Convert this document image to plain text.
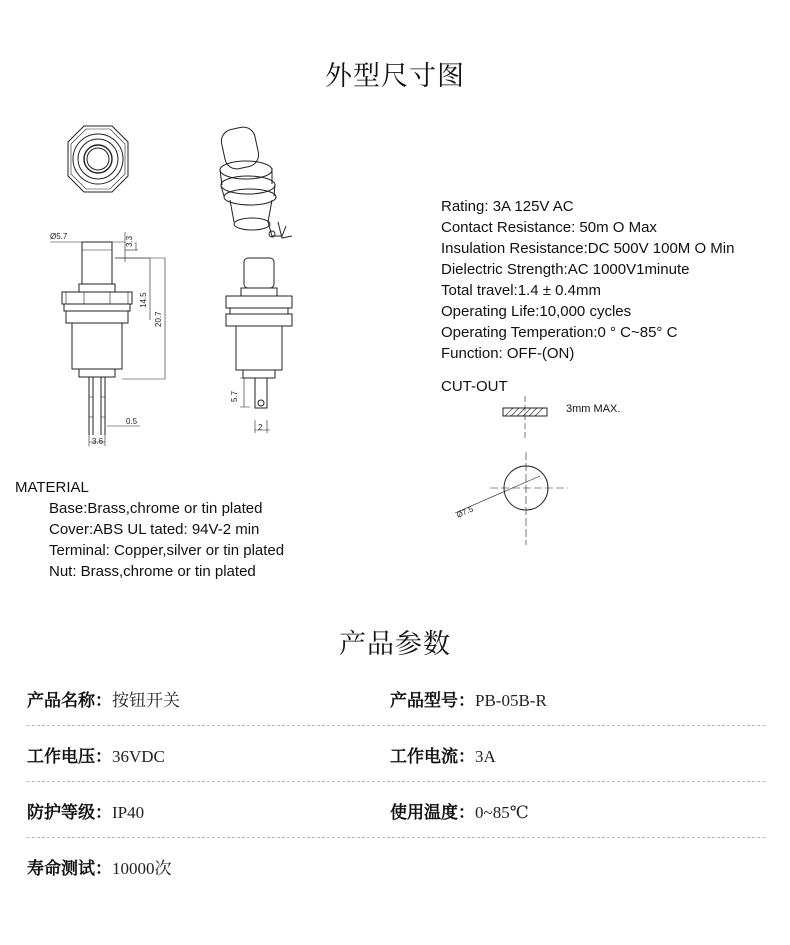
外型尺寸图
Ø5.7	3.3
14.5
20.7
0.5
3.6
5.7
2
Ø7.5
Rating: 3A 125V AC
Contact Resistance: 50m O Max
Insulation Resistance:DC 500V 100M O Min
Dielectric Strength:AC 1000V1minute
Total travel:1.4 ± 0.4mm
Operating Life:10,000 cycles
Operating Temperation:0 ° C~85° C
Function: OFF-(ON)
CUT-OUT
3mm MAX.
MATERIAL
Base:Brass,chrome or tin plated
Cover:ABS UL tated: 94V-2 min
Terminal: Copper,silver or tin plated
Nut: Brass,chrome or tin plated
产品参数
产品名称：按钮开关	产品型号：PB-05B-R
工作电压：36VDC	工作电流：3A
防护等级：IP40	使用温度：0~85℃
寿命测试：10000次
